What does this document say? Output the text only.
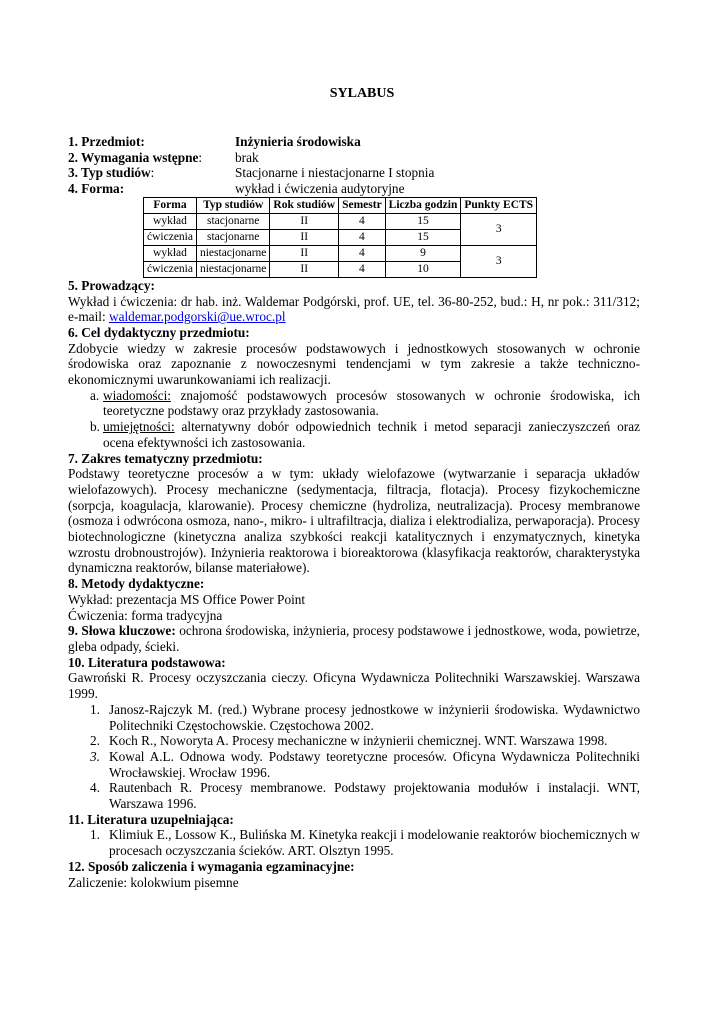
SYLABUS
1. Przedmiot:	Inżynieria środowiska
2. Wymagania wstępne:	brak
3. Typ studiów:	Stacjonarne i niestacjonarne I stopnia
4. Forma:	wykład i ćwiczenia audytoryjne
Forma	Typ studiów	Rok studiów	Semestr	Liczba godzin	Punkty ECTS
wykład	stacjonarne	II	4	15	3
ćwiczenia	stacjonarne	II	4	15	
wykład	niestacjonarne	II	4	9	3
ćwiczenia	niestacjonarne	II	4	10	
5. Prowadzący:
Wykład i ćwiczenia: dr hab. inż. Waldemar Podgórski, prof. UE, tel. 36-80-252, bud.: H, nr pok.: 311/312; e-mail: waldemar.podgorski@ue.wroc.pl
6. Cel dydaktyczny przedmiotu:
Zdobycie wiedzy w zakresie procesów podstawowych i jednostkowych stosowanych w ochronie środowiska oraz zapoznanie z nowoczesnymi tendencjami w tym zakresie a także techniczno-ekonomicznymi uwarunkowaniami ich realizacji.
a. wiadomości: znajomość podstawowych procesów stosowanych w ochronie środowiska, ich teoretyczne podstawy oraz przykłady zastosowania.
b. umiejętności: alternatywny dobór odpowiednich technik i metod separacji zanieczyszczeń oraz ocena efektywności ich zastosowania.
7. Zakres tematyczny przedmiotu:
Podstawy teoretyczne procesów a w tym: układy wielofazowe (wytwarzanie i separacja układów wielofazowych). Procesy mechaniczne (sedymentacja, filtracja, flotacja). Procesy fizykochemiczne (sorpcja, koagulacja, klarowanie). Procesy chemiczne (hydroliza, neutralizacja). Procesy membranowe (osmoza i odwrócona osmoza, nano-, mikro- i ultrafiltracja, dializa i elektrodializa, perwaporacja). Procesy biotechnologiczne (kinetyczna analiza szybkości reakcji katalitycznych i enzymatycznych, kinetyka wzrostu drobnoustrojów). Inżynieria reaktorowa i bioreaktorowa (klasyfikacja reaktorów, charakterystyka dynamiczna reaktorów, bilanse materiałowe).
8. Metody dydaktyczne:
Wykład: prezentacja MS Office Power Point
Ćwiczenia: forma tradycyjna
9. Słowa kluczowe: ochrona środowiska, inżynieria, procesy podstawowe i jednostkowe, woda, powietrze, gleba odpady, ścieki.
10. Literatura podstawowa:
Gawroński R. Procesy oczyszczania cieczy. Oficyna Wydawnicza Politechniki Warszawskiej. Warszawa 1999.
1. Janosz-Rajczyk M. (red.) Wybrane procesy jednostkowe w inżynierii środowiska. Wydawnictwo Politechniki Częstochowskie. Częstochowa 2002.
2. Koch R., Noworyta A. Procesy mechaniczne w inżynierii chemicznej. WNT. Warszawa 1998.
3. Kowal A.L. Odnowa wody. Podstawy teoretyczne procesów. Oficyna Wydawnicza Politechniki Wrocławskiej. Wrocław 1996.
4. Rautenbach R. Procesy membranowe. Podstawy projektowania modułów i instalacji. WNT, Warszawa 1996.
11. Literatura uzupełniająca:
1. Klimiuk E., Lossow K., Bulińska M. Kinetyka reakcji i modelowanie reaktorów biochemicznych w procesach oczyszczania ścieków. ART. Olsztyn 1995.
12. Sposób zaliczenia i wymagania egzaminacyjne:
Zaliczenie: kolokwium pisemne
